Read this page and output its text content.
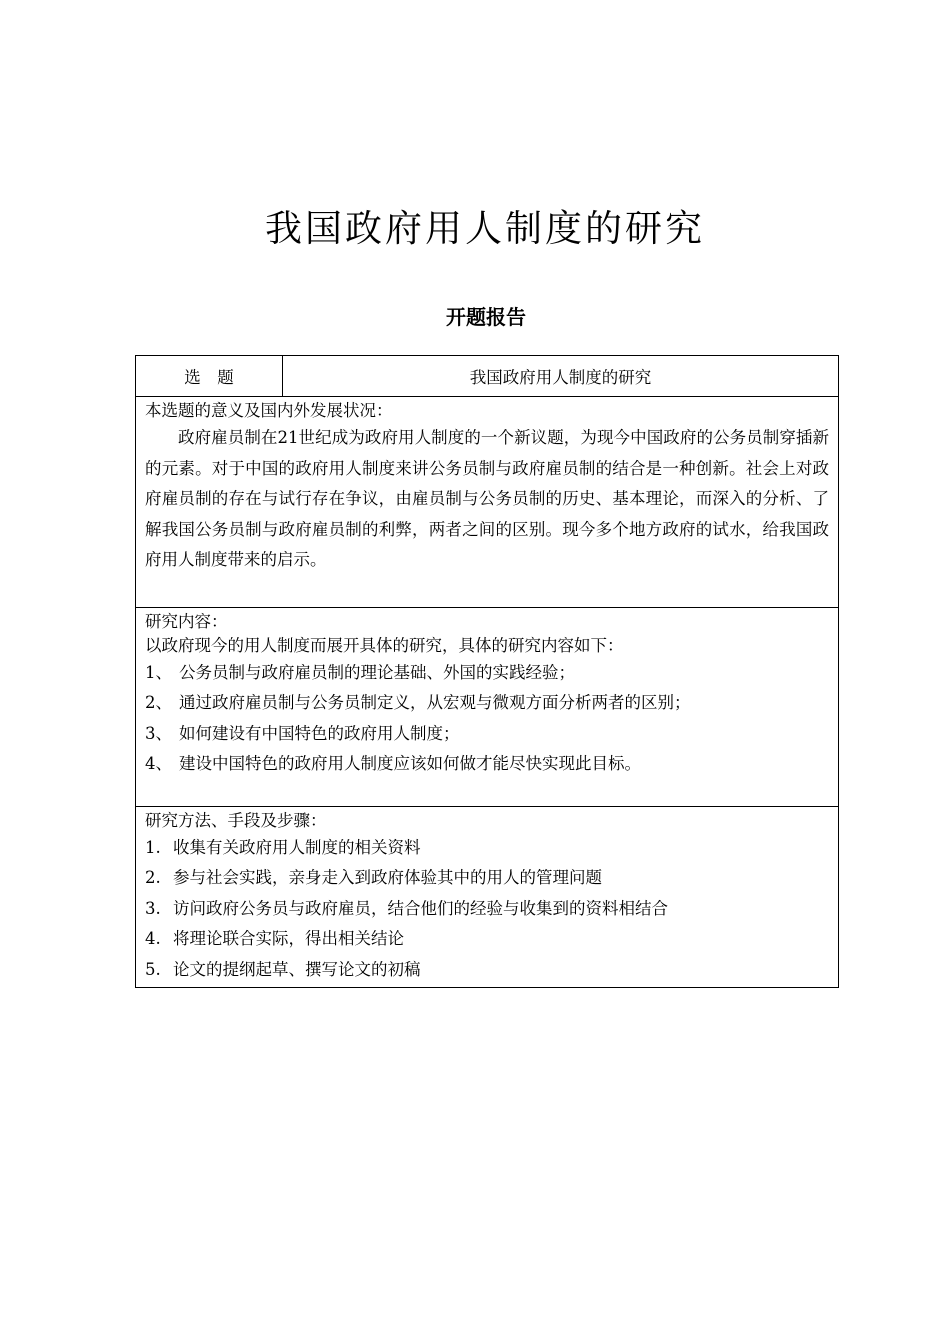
我国政府用人制度的研究
开题报告
选　题	我国政府用人制度的研究

本选题的意义及国内外发展状况：

政府雇员制在21世纪成为政府用人制度的一个新议题，为现今中国政府的公务员制穿插新的元素。对于中国的政府用人制度来讲公务员制与政府雇员制的结合是一种创新。社会上对政府雇员制的存在与试行存在争议，由雇员制与公务员制的历史、基本理论，而深入的分析、了解我国公务员制与政府雇员制的利弊，两者之间的区别。现今多个地方政府的试水，给我国政府用人制度带来的启示。

研究内容：
以政府现今的用人制度而展开具体的研究，具体的研究内容如下：
1、 公务员制与政府雇员制的理论基础、外国的实践经验；
2、 通过政府雇员制与公务员制定义，从宏观与微观方面分析两者的区别；
3、 如何建设有中国特色的政府用人制度；
4、 建设中国特色的政府用人制度应该如何做才能尽快实现此目标。

研究方法、手段及步骤：
1. 收集有关政府用人制度的相关资料
2. 参与社会实践，亲身走入到政府体验其中的用人的管理问题
3. 访问政府公务员与政府雇员，结合他们的经验与收集到的资料相结合
4. 将理论联合实际，得出相关结论
5. 论文的提纲起草、撰写论文的初稿
